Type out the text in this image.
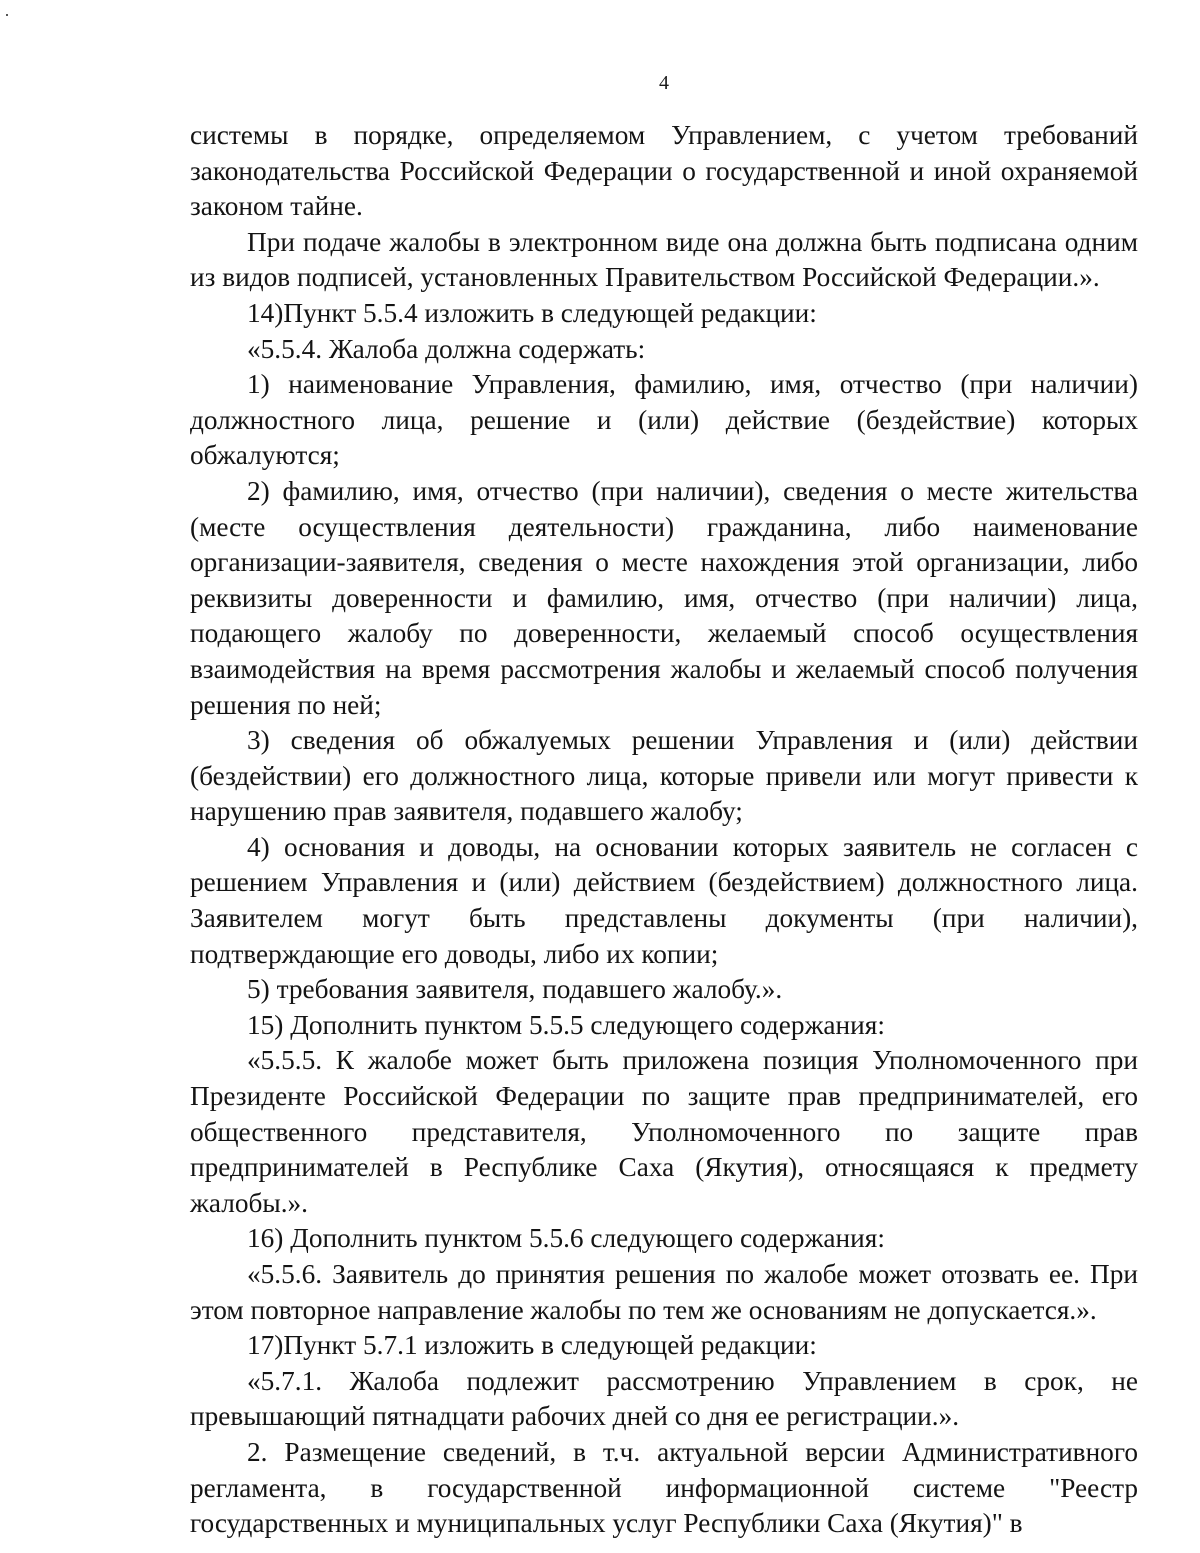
4

системы в порядке, определяемом Управлением, с учетом требований законодательства Российской Федерации о государственной и иной охраняемой законом тайне.

При подаче жалобы в электронном виде она должна быть подписана одним из видов подписей, установленных Правительством Российской Федерации.».

14)Пункт 5.5.4 изложить в следующей редакции:

«5.5.4. Жалоба должна содержать:

1) наименование Управления, фамилию, имя, отчество (при наличии) должностного лица, решение и (или) действие (бездействие) которых обжалуются;

2) фамилию, имя, отчество (при наличии), сведения о месте жительства (месте осуществления деятельности) гражданина, либо наименование организации-заявителя, сведения о месте нахождения этой организации, либо реквизиты доверенности и фамилию, имя, отчество (при наличии) лица, подающего жалобу по доверенности, желаемый способ осуществления взаимодействия на время рассмотрения жалобы и желаемый способ получения решения по ней;

3) сведения об обжалуемых решении Управления и (или) действии (бездействии) его должностного лица, которые привели или могут привести к нарушению прав заявителя, подавшего жалобу;

4) основания и доводы, на основании которых заявитель не согласен с решением Управления и (или) действием (бездействием) должностного лица. Заявителем могут быть представлены документы (при наличии), подтверждающие его доводы, либо их копии;

5) требования заявителя, подавшего жалобу.».

15) Дополнить пунктом 5.5.5 следующего содержания:

«5.5.5. К жалобе может быть приложена позиция Уполномоченного при Президенте Российской Федерации по защите прав предпринимателей, его общественного представителя, Уполномоченного по защите прав предпринимателей в Республике Саха (Якутия), относящаяся к предмету жалобы.».

16) Дополнить пунктом 5.5.6 следующего содержания:

«5.5.6. Заявитель до принятия решения по жалобе может отозвать ее. При этом повторное направление жалобы по тем же основаниям не допускается.».

17)Пункт 5.7.1 изложить в следующей редакции:

«5.7.1. Жалоба подлежит рассмотрению Управлением в срок, не превышающий пятнадцати рабочих дней со дня ее регистрации.».

2. Размещение сведений, в т.ч. актуальной версии Административного регламента, в государственной информационной системе "Реестр государственных и муниципальных услуг Республики Саха (Якутия)" в
